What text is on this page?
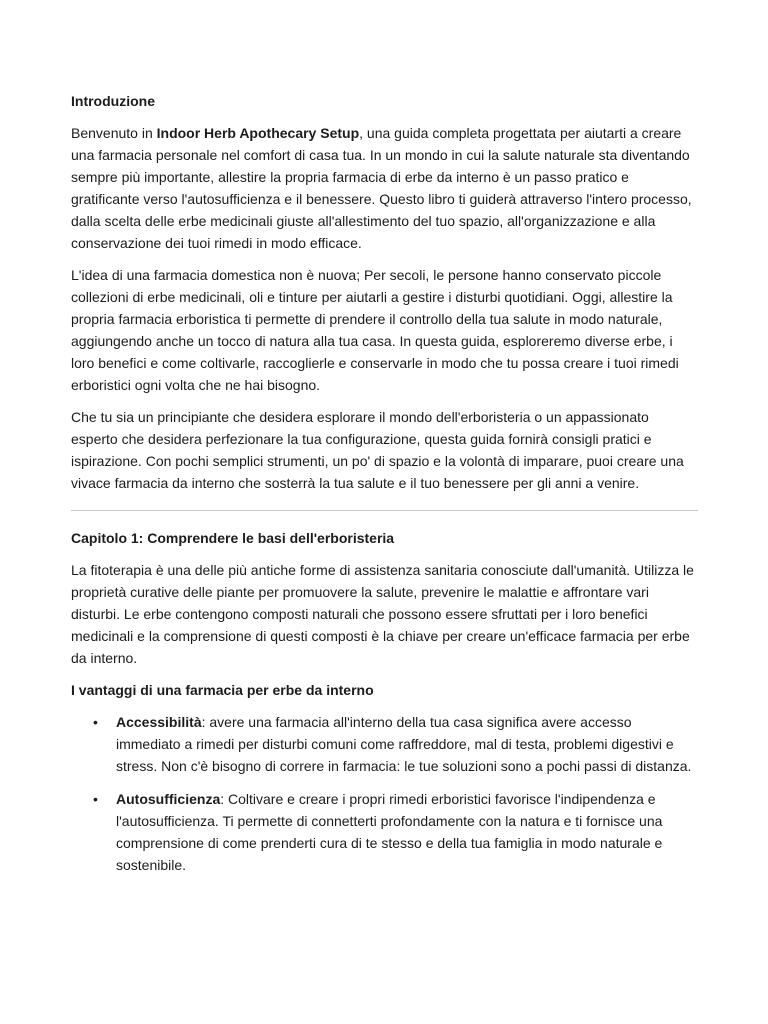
Introduzione

Benvenuto in Indoor Herb Apothecary Setup, una guida completa progettata per aiutarti a creare una farmacia personale nel comfort di casa tua. In un mondo in cui la salute naturale sta diventando sempre più importante, allestire la propria farmacia di erbe da interno è un passo pratico e gratificante verso l'autosufficienza e il benessere. Questo libro ti guiderà attraverso l'intero processo, dalla scelta delle erbe medicinali giuste all'allestimento del tuo spazio, all'organizzazione e alla conservazione dei tuoi rimedi in modo efficace.

L'idea di una farmacia domestica non è nuova; Per secoli, le persone hanno conservato piccole collezioni di erbe medicinali, oli e tinture per aiutarli a gestire i disturbi quotidiani. Oggi, allestire la propria farmacia erboristica ti permette di prendere il controllo della tua salute in modo naturale, aggiungendo anche un tocco di natura alla tua casa. In questa guida, esploreremo diverse erbe, i loro benefici e come coltivarle, raccoglierle e conservarle in modo che tu possa creare i tuoi rimedi erboristici ogni volta che ne hai bisogno.

Che tu sia un principiante che desidera esplorare il mondo dell'erboristeria o un appassionato esperto che desidera perfezionare la tua configurazione, questa guida fornirà consigli pratici e ispirazione. Con pochi semplici strumenti, un po' di spazio e la volontà di imparare, puoi creare una vivace farmacia da interno che sosterrà la tua salute e il tuo benessere per gli anni a venire.

Capitolo 1: Comprendere le basi dell'erboristeria

La fitoterapia è una delle più antiche forme di assistenza sanitaria conosciute dall'umanità. Utilizza le proprietà curative delle piante per promuovere la salute, prevenire le malattie e affrontare vari disturbi. Le erbe contengono composti naturali che possono essere sfruttati per i loro benefici medicinali e la comprensione di questi composti è la chiave per creare un'efficace farmacia per erbe da interno.

I vantaggi di una farmacia per erbe da interno
• Accessibilità: avere una farmacia all'interno della tua casa significa avere accesso immediato a rimedi per disturbi comuni come raffreddore, mal di testa, problemi digestivi e stress. Non c'è bisogno di correre in farmacia: le tue soluzioni sono a pochi passi di distanza.
• Autosufficienza: Coltivare e creare i propri rimedi erboristici favorisce l'indipendenza e l'autosufficienza. Ti permette di connetterti profondamente con la natura e ti fornisce una comprensione di come prenderti cura di te stesso e della tua famiglia in modo naturale e sostenibile.
